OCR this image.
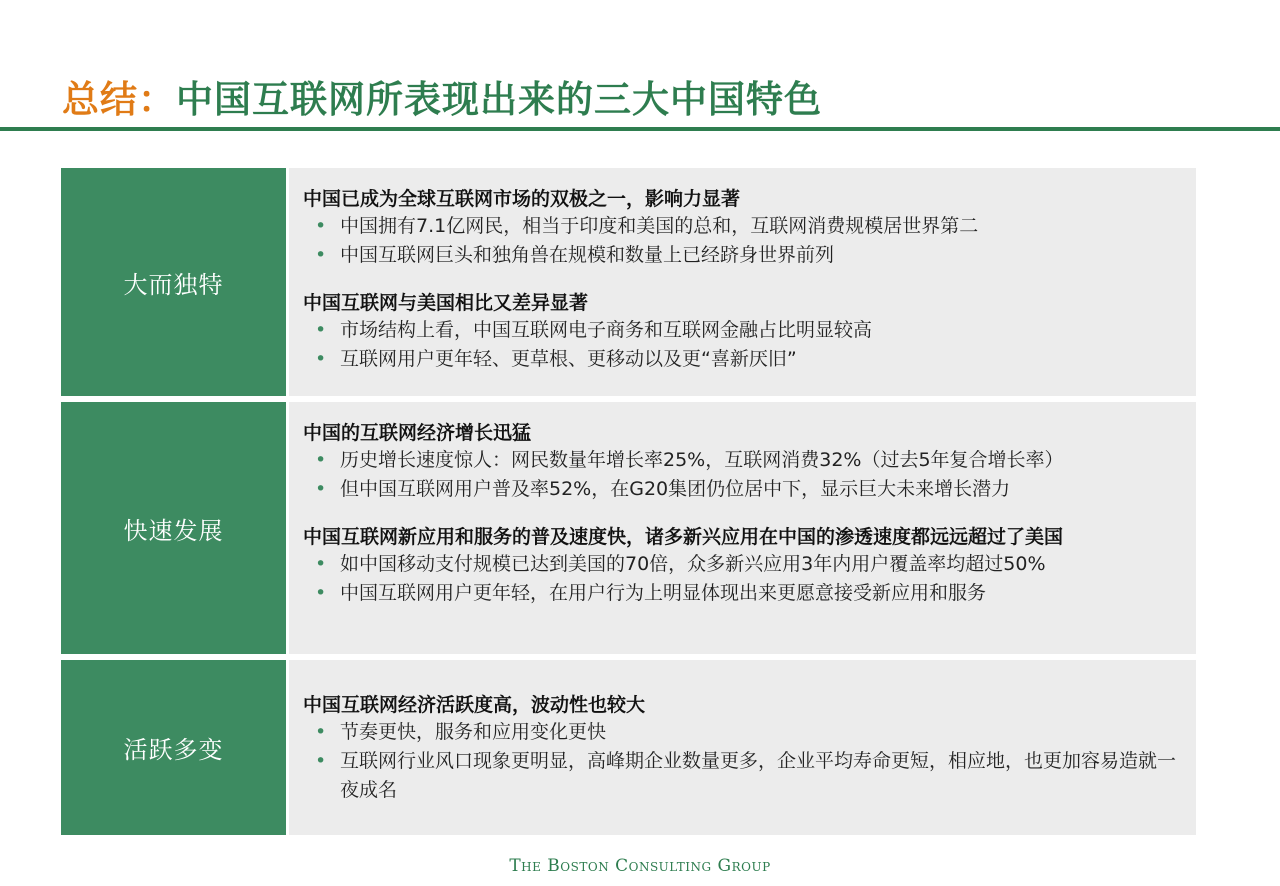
总结：中国互联网所表现出来的三大中国特色
大而独特
中国已成为全球互联网市场的双极之一，影响力显著
• 中国拥有7.1亿网民，相当于印度和美国的总和，互联网消费规模居世界第二
• 中国互联网巨头和独角兽在规模和数量上已经跻身世界前列
中国互联网与美国相比又差异显著
• 市场结构上看，中国互联网电子商务和互联网金融占比明显较高
• 互联网用户更年轻、更草根、更移动以及更“喜新厌旧”
快速发展
中国的互联网经济增长迅猛
• 历史增长速度惊人：网民数量年增长率25%，互联网消费32%（过去5年复合增长率）
• 但中国互联网用户普及率52%，在G20集团仍位居中下，显示巨大未来增长潜力
中国互联网新应用和服务的普及速度快，诸多新兴应用在中国的渗透速度都远远超过了美国
• 如中国移动支付规模已达到美国的70倍，众多新兴应用3年内用户覆盖率均超过50%
• 中国互联网用户更年轻，在用户行为上明显体现出来更愿意接受新应用和服务
活跃多变
中国互联网经济活跃度高，波动性也较大
• 节奏更快，服务和应用变化更快
• 互联网行业风口现象更明显，高峰期企业数量更多，企业平均寿命更短，相应地，也更加容易造就一夜成名
The Boston Consulting Group
